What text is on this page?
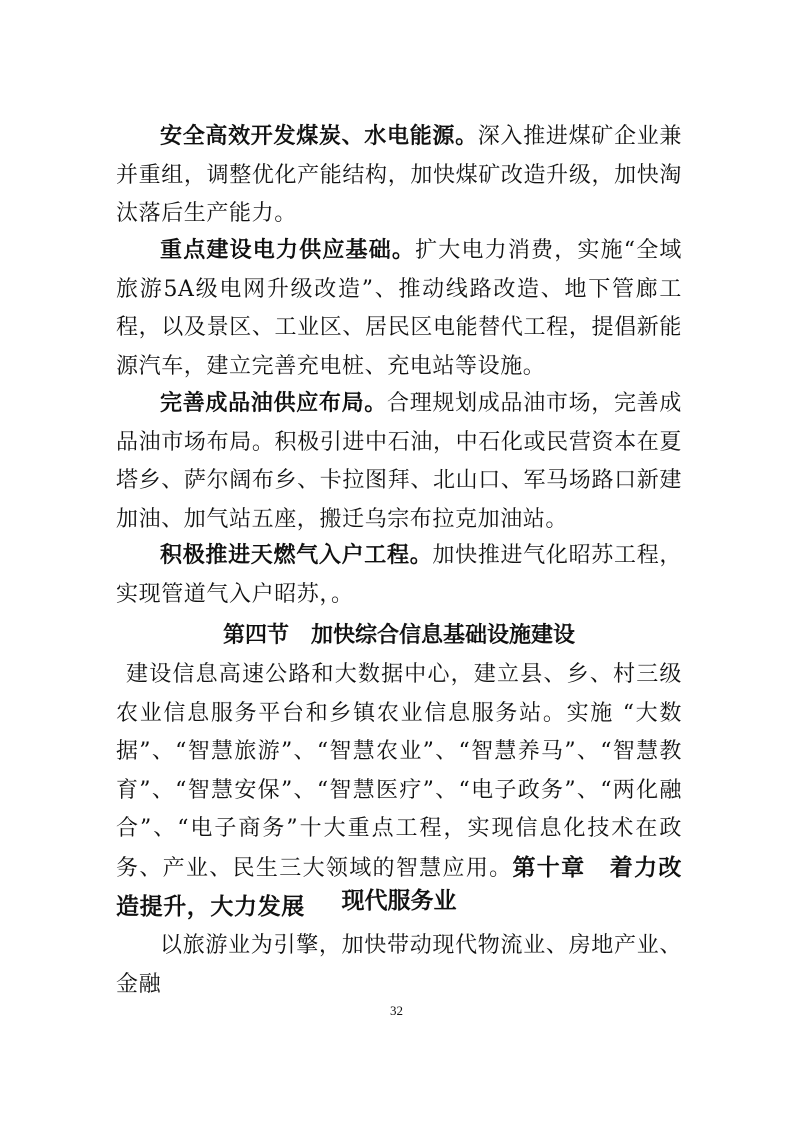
安全高效开发煤炭、水电能源。深入推进煤矿企业兼并重组，调整优化产能结构，加快煤矿改造升级，加快淘汰落后生产能力。

重点建设电力供应基础。扩大电力消费，实施“全域旅游5A级电网升级改造”、推动线路改造、地下管廊工程，以及景区、工业区、居民区电能替代工程，提倡新能源汽车，建立完善充电桩、充电站等设施。

完善成品油供应布局。合理规划成品油市场，完善成品油市场布局。积极引进中石油，中石化或民营资本在夏塔乡、萨尔阔布乡、卡拉图拜、北山口、军马场路口新建加油、加气站五座，搬迁乌宗布拉克加油站。

积极推进天燃气入户工程。加快推进气化昭苏工程，实现管道气入户昭苏，。

第四节　加快综合信息基础设施建设

建设信息高速公路和大数据中心，建立县、乡、村三级农业信息服务平台和乡镇农业信息服务站。实施 “大数据”、“智慧旅游”、“智慧农业”、“智慧养马”、“智慧教育”、“智慧安保”、“智慧医疗”、“电子政务”、“两化融合”、“电子商务”十大重点工程，实现信息化技术在政务、产业、民生三大领域的智慧应用。第十章　着力改造提升，大力发展	现代服务业

以旅游业为引擎，加快带动现代物流业、房地产业、金融

32
